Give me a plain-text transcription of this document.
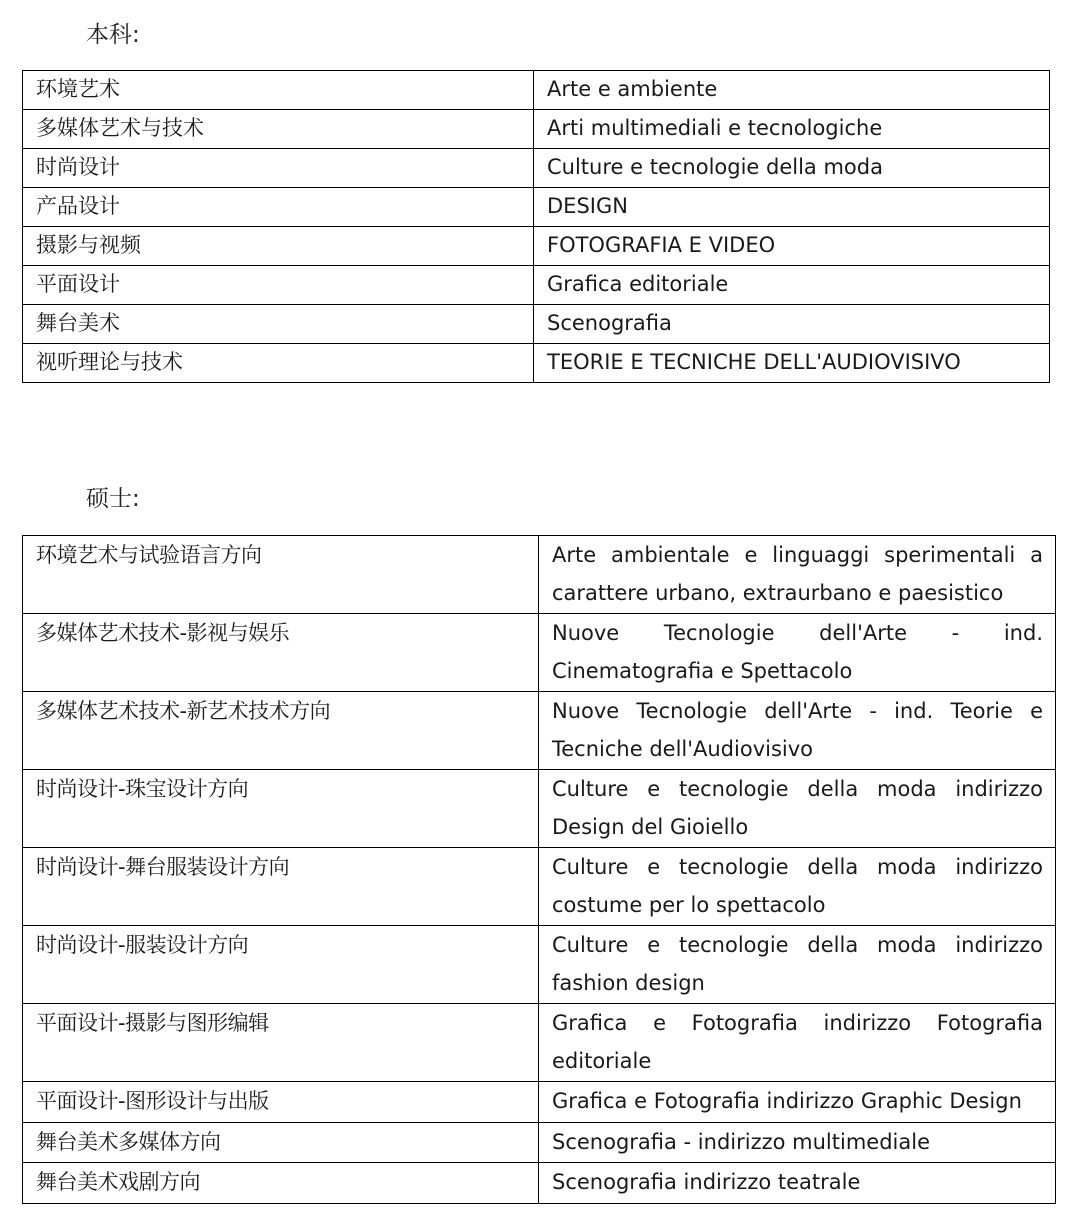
本科:
环境艺术	Arte e ambiente
多媒体艺术与技术	Arti multimediali e tecnologiche
时尚设计	Culture e tecnologie della moda
产品设计	DESIGN
摄影与视频	FOTOGRAFIA E VIDEO
平面设计	Grafica editoriale
舞台美术	Scenografia
视听理论与技术	TEORIE E TECNICHE DELL'AUDIOVISIVO
硕士:
环境艺术与试验语言方向	Arte ambientale e linguaggi sperimentali a carattere urbano, extraurbano e paesistico
多媒体艺术技术-影视与娱乐	Nuove Tecnologie dell'Arte - ind. Cinematografia e Spettacolo
多媒体艺术技术-新艺术技术方向	Nuove Tecnologie dell'Arte - ind. Teorie e Tecniche dell'Audiovisivo
时尚设计-珠宝设计方向	Culture e tecnologie della moda indirizzo Design del Gioiello
时尚设计-舞台服装设计方向	Culture e tecnologie della moda indirizzo costume per lo spettacolo
时尚设计-服装设计方向	Culture e tecnologie della moda indirizzo fashion design
平面设计-摄影与图形编辑	Grafica e Fotografia indirizzo Fotografia editoriale
平面设计-图形设计与出版	Grafica e Fotografia indirizzo Graphic Design
舞台美术多媒体方向	Scenografia - indirizzo multimediale
舞台美术戏剧方向	Scenografia indirizzo teatrale
